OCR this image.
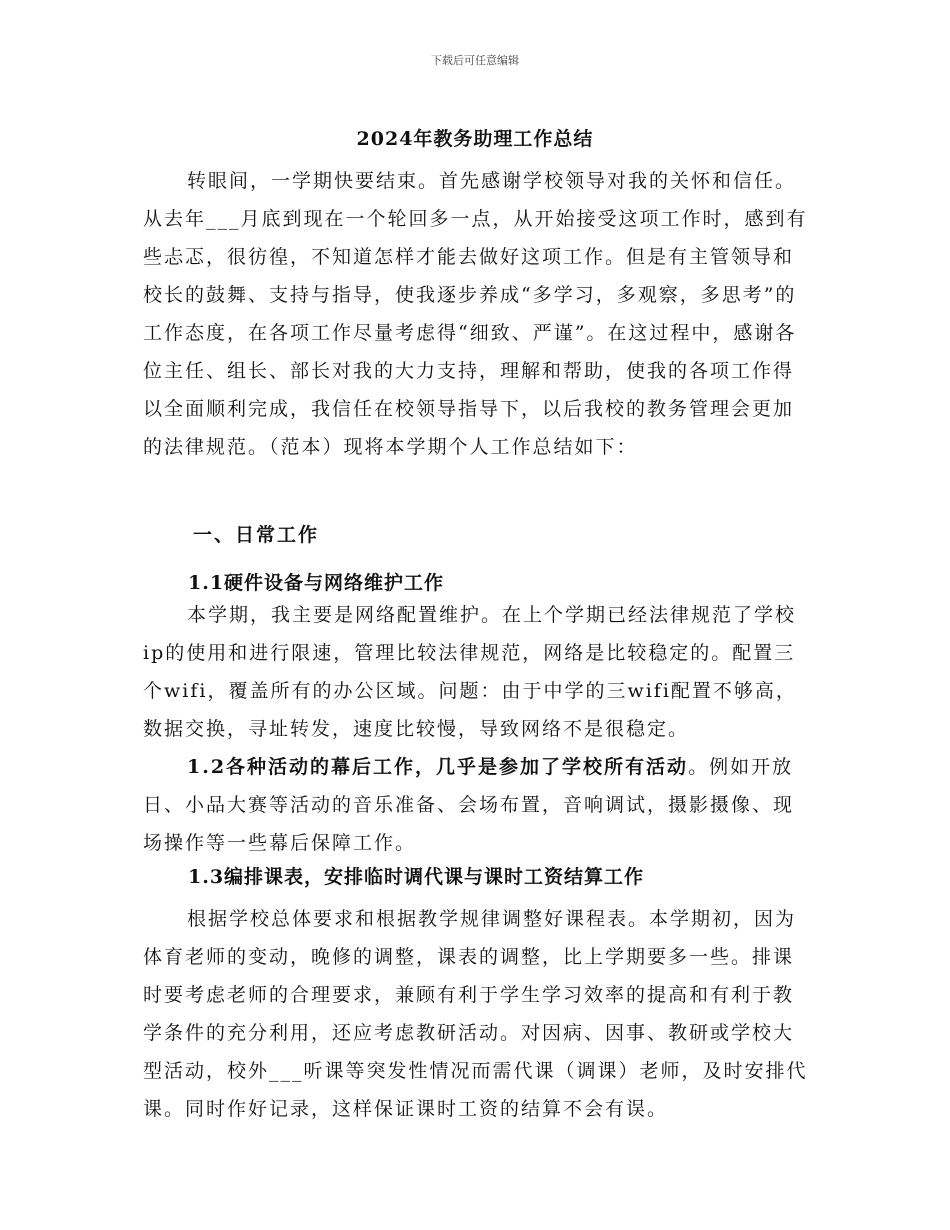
下载后可任意编辑
2024年教务助理工作总结

转眼间，一学期快要结束。首先感谢学校领导对我的关怀和信任。从去年___月底到现在一个轮回多一点，从开始接受这项工作时，感到有些忐忑，很彷徨，不知道怎样才能去做好这项工作。但是有主管领导和校长的鼓舞、支持与指导，使我逐步养成“多学习，多观察，多思考”的工作态度，在各项工作尽量考虑得“细致、严谨”。在这过程中，感谢各位主任、组长、部长对我的大力支持，理解和帮助，使我的各项工作得以全面顺利完成，我信任在校领导指导下，以后我校的教务管理会更加的法律规范。（范本）现将本学期个人工作总结如下：

一、日常工作

1.1硬件设备与网络维护工作

本学期，我主要是网络配置维护。在上个学期已经法律规范了学校ip的使用和进行限速，管理比较法律规范，网络是比较稳定的。配置三个wifi，覆盖所有的办公区域。问题：由于中学的三wifi配置不够高，数据交换，寻址转发，速度比较慢，导致网络不是很稳定。

1.2各种活动的幕后工作，几乎是参加了学校所有活动。例如开放日、小品大赛等活动的音乐准备、会场布置，音响调试，摄影摄像、现场操作等一些幕后保障工作。

1.3编排课表，安排临时调代课与课时工资结算工作

根据学校总体要求和根据教学规律调整好课程表。本学期初，因为体育老师的变动，晚修的调整，课表的调整，比上学期要多一些。排课时要考虑老师的合理要求，兼顾有利于学生学习效率的提高和有利于教学条件的充分利用，还应考虑教研活动。对因病、因事、教研或学校大型活动，校外___听课等突发性情况而需代课（调课）老师，及时安排代课。同时作好记录，这样保证课时工资的结算不会有误。
